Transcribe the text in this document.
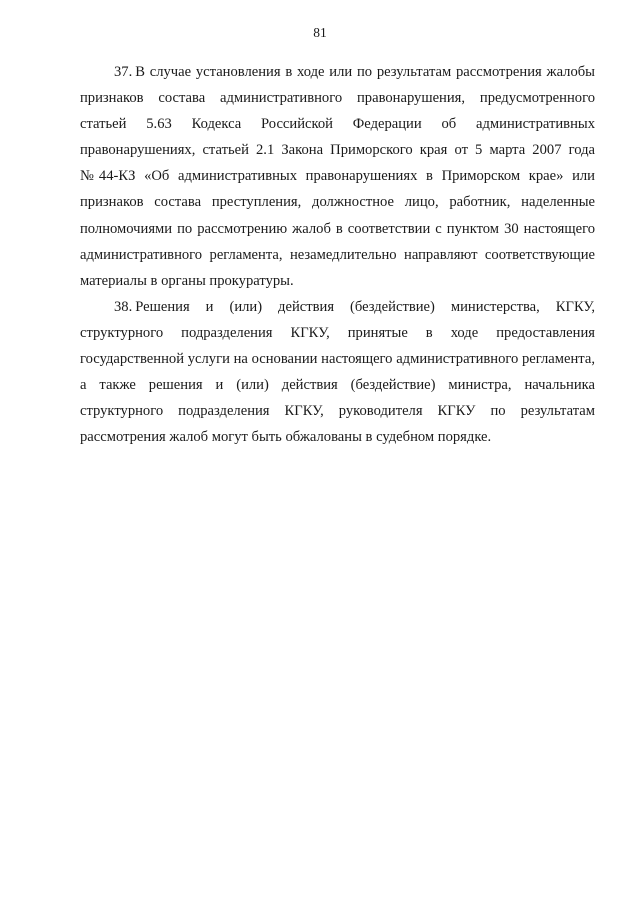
81

37. В случае установления в ходе или по результатам рассмотрения жалобы признаков состава административного правонарушения, предусмотренного статьей 5.63 Кодекса Российской Федерации об административных правонарушениях, статьей 2.1 Закона Приморского края от 5 марта 2007 года №44-КЗ «Об административных правонарушениях в Приморском крае» или признаков состава преступления, должностное лицо, работник, наделенные полномочиями по рассмотрению жалоб в соответствии с пунктом 30 настоящего административного регламента, незамедлительно направляют соответствующие материалы в органы прокуратуры.

38. Решения и (или) действия (бездействие) министерства, КГКУ, структурного подразделения КГКУ, принятые в ходе предоставления государственной услуги на основании настоящего административного регламента, а также решения и (или) действия (бездействие) министра, начальника структурного подразделения КГКУ, руководителя КГКУ по результатам рассмотрения жалоб могут быть обжалованы в судебном порядке.
